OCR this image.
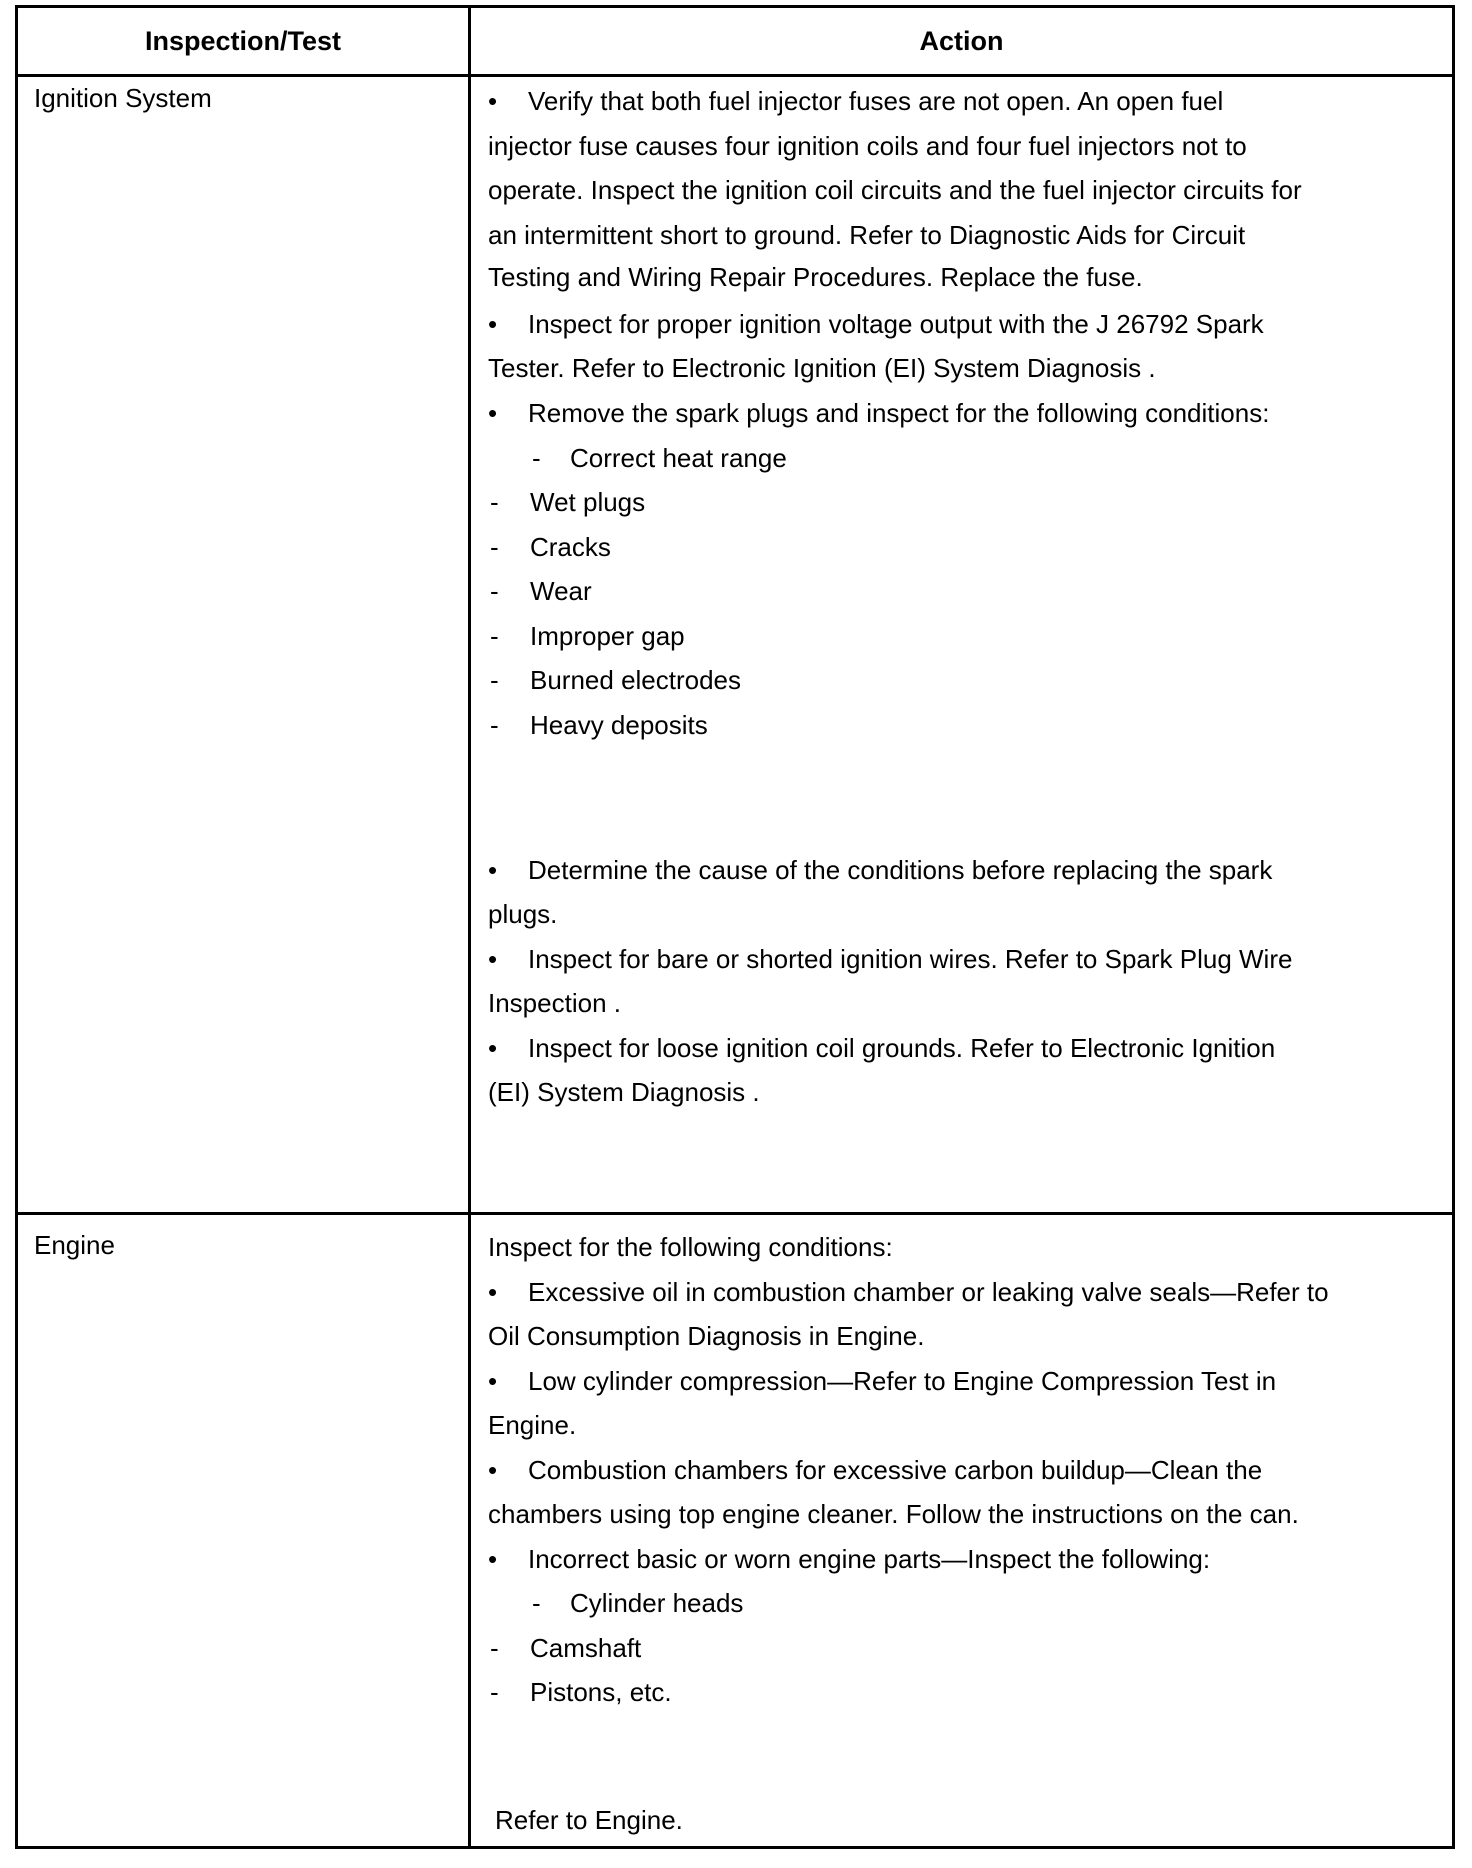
Inspection/Test	Action
Ignition System	• Verify that both fuel injector fuses are not open. An open fuel
injector fuse causes four ignition coils and four fuel injectors not to
operate. Inspect the ignition coil circuits and the fuel injector circuits for
an intermittent short to ground. Refer to Diagnostic Aids for Circuit
Testing and Wiring Repair Procedures. Replace the fuse.
• Inspect for proper ignition voltage output with the J 26792 Spark
Tester. Refer to Electronic Ignition (EI) System Diagnosis .
• Remove the spark plugs and inspect for the following conditions:
- Correct heat range
- Wet plugs
- Cracks
- Wear
- Improper gap
- Burned electrodes
- Heavy deposits
• Determine the cause of the conditions before replacing the spark
plugs.
• Inspect for bare or shorted ignition wires. Refer to Spark Plug Wire
Inspection .
• Inspect for loose ignition coil grounds. Refer to Electronic Ignition
(EI) System Diagnosis .
Engine	Inspect for the following conditions:
• Excessive oil in combustion chamber or leaking valve seals—Refer to
Oil Consumption Diagnosis in Engine.
• Low cylinder compression—Refer to Engine Compression Test in
Engine.
• Combustion chambers for excessive carbon buildup—Clean the
chambers using top engine cleaner. Follow the instructions on the can.
• Incorrect basic or worn engine parts—Inspect the following:
- Cylinder heads
- Camshaft
- Pistons, etc.
Refer to Engine.
